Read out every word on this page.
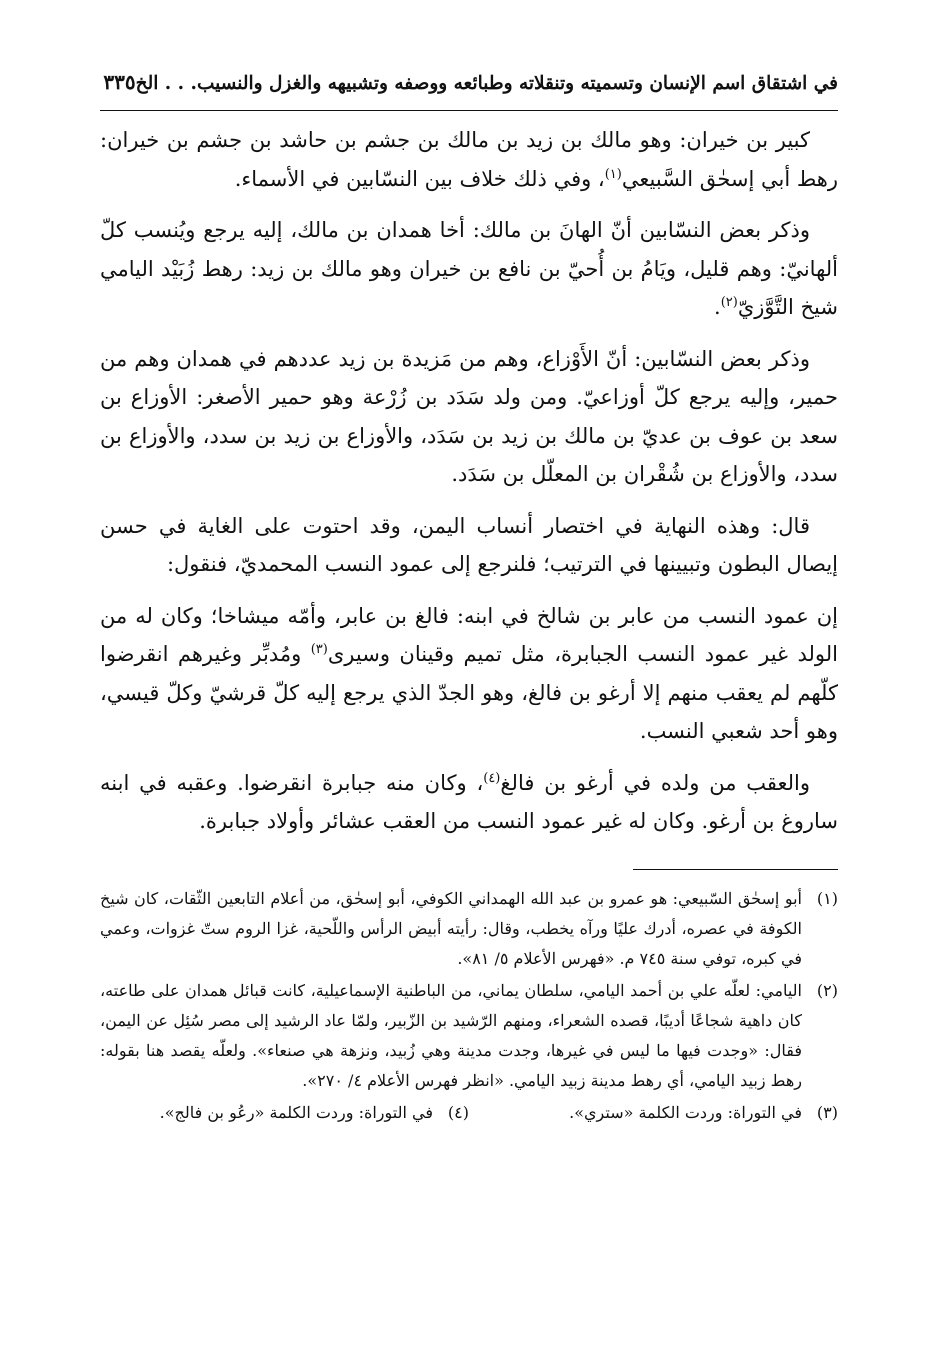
في اشتقاق اسم الإنسان وتسميته وتنقلاته وطبائعه ووصفه وتشبيهه والغزل والنسيب. . . الخ
٣٣٥

كبير بن خيران: وهو مالك بن زيد بن مالك بن جشم بن حاشد بن جشم بن خيران: رهط أبي إسحٰق السَّبيعي$^{(١)}$، وفي ذلك خلاف بين النسّابين في الأسماء.

وذكر بعض النسّابين أنّ الهانَ بن مالك: أخا همدان بن مالك، إليه يرجع ويُنسب كلّ ألهانيّ: وهم قليل، ويَامُ بن أُحيّ بن نافع بن خيران وهو مالك بن زيد: رهط زُبَيْد اليامي شيخ التَّوَّزيّ$^{(٢)}$.

وذكر بعض النسّابين: أنّ الأَوْزاع، وهم من مَزيدة بن زيد عددهم في همدان وهم من حمير، وإليه يرجع كلّ أوزاعيّ. ومن ولد سَدَد بن زُرْعة وهو حمير الأصغر: الأوزاع بن سعد بن عوف بن عديّ بن مالك بن زيد بن سَدَد، والأوزاع بن زيد بن سدد، والأوزاع بن سدد، والأوزاع بن شُقْران بن المعلّل بن سَدَد.

قال: وهذه النهاية في اختصار أنساب اليمن، وقد احتوت على الغاية في حسن إيصال البطون وتبيينها في الترتيب؛ فلنرجع إلى عمود النسب المحمديّ، فنقول:

إن عمود النسب من عابر بن شالخ في ابنه: فالغ بن عابر، وأمّه ميشاخا؛ وكان له من الولد غير عمود النسب الجبابرة، مثل تميم وقينان وسيرى$^{(٣)}$ ومُدبِّر وغيرهم انقرضوا كلّهم لم يعقب منهم إلا أرغو بن فالغ، وهو الجدّ الذي يرجع إليه كلّ قرشيّ وكلّ قيسي، وهو أحد شعبي النسب.

والعقب من ولده في أرغو بن فالغ$^{(٤)}$، وكان منه جبابرة انقرضوا. وعقبه في ابنه ساروغ بن أرغو. وكان له غير عمود النسب من العقب عشائر وأولاد جبابرة.

(١)
أبو إسحٰق السّبيعي: هو عمرو بن عبد الله الهمداني الكوفي، أبو إسحٰق، من أعلام التابعين الثّقات، كان شيخ الكوفة في عصره، أدرك عليًا ورآه يخطب، وقال: رأيته أبيض الرأس واللّحية، غزا الروم ستّ غزوات، وعمي في كبره، توفي سنة ٧٤٥ م. «فهرس الأعلام ٥/ ٨١».
(٢)
اليامي: لعلّه علي بن أحمد اليامي، سلطان يماني، من الباطنية الإسماعيلية، كانت قبائل همدان على طاعته، كان داهية شجاعًا أديبًا، قصده الشعراء، ومنهم الرّشيد بن الزّبير، ولمّا عاد الرشيد إلى مصر سُئِل عن اليمن، فقال: «وجدت فيها ما ليس في غيرها، وجدت مدينة وهي زُبيد، ونزهة هي صنعاء». ولعلّه يقصد هنا بقوله: رهط زبيد اليامي، أي رهط مدينة زبيد اليامي. «انظر فهرس الأعلام ٤/ ٢٧٠».
(٣)
في التوراة: وردت الكلمة «ستري».
(٤)
في التوراة: وردت الكلمة «رعُو بن فالج».
